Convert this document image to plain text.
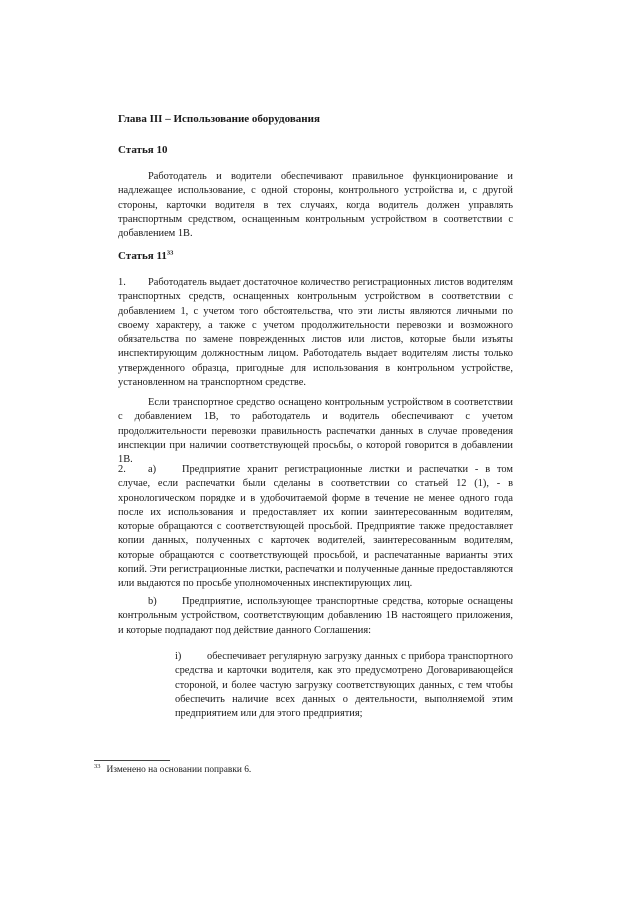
Глава III – Использование оборудования
Статья 10
Работодатель и водители обеспечивают правильное функционирование и надлежащее использование, с одной стороны, контрольного устройства и, с другой стороны, карточки водителя в тех случаях, когда водитель должен управлять транспортным средством, оснащенным контрольным устройством в соответствии с добавлением 1В.
Статья $11^{33}$
1. Работодатель выдает достаточное количество регистрационных листов водителям транспортных средств, оснащенных контрольным устройством в соответствии с добавлением 1, с учетом того обстоятельства, что эти листы являются личными по своему характеру, а также с учетом продолжительности перевозки и возможного обязательства по замене поврежденных листов или листов, которые были изъяты инспектирующим должностным лицом. Работодатель выдает водителям листы только утвержденного образца, пригодные для использования в контрольном устройстве, установленном на транспортном средстве.
Если транспортное средство оснащено контрольным устройством в соответствии с добавлением 1В, то работодатель и водитель обеспечивают с учетом продолжительности перевозки правильность распечатки данных в случае проведения инспекции при наличии соответствующей просьбы, о которой говорится в добавлении 1В.
2. a) Предприятие хранит регистрационные листки и распечатки - в том случае, если распечатки были сделаны в соответствии со статьей 12 (1), - в хронологическом порядке и в удобочитаемой форме в течение не менее одного года после их использования и предоставляет их копии заинтересованным водителям, которые обращаются с соответствующей просьбой. Предприятие также предоставляет копии данных, полученных с карточек водителей, заинтересованным водителям, которые обращаются с соответствующей просьбой, и распечатанные варианты этих копий. Эти регистрационные листки, распечатки и полученные данные предоставляются или выдаются по просьбе уполномоченных инспектирующих лиц.
b) Предприятие, использующее транспортные средства, которые оснащены контрольным устройством, соответствующим добавлению 1В настоящего приложения, и которые подпадают под действие данного Соглашения:
i) обеспечивает регулярную загрузку данных с прибора транспортного средства и карточки водителя, как это предусмотрено Договаривающейся стороной, и более частую загрузку соответствующих данных, с тем чтобы обеспечить наличие всех данных о деятельности, выполняемой этим предприятием или для этого предприятия;
$^{33}$ Изменено на основании поправки 6.
